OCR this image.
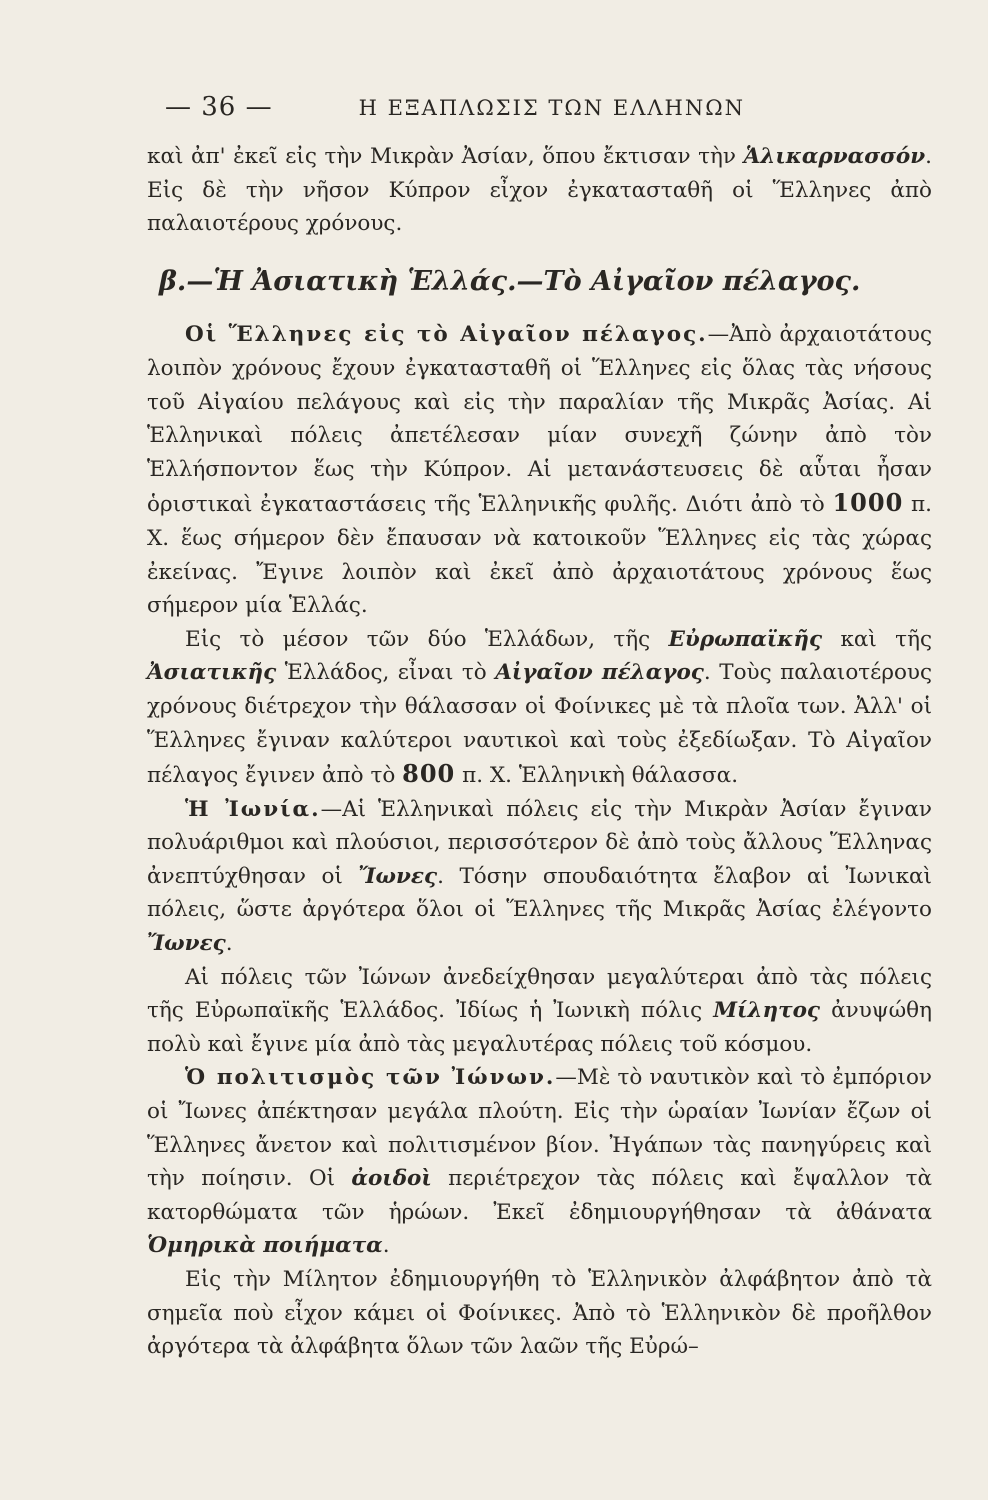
— 36 —	Η ΕΞΑΠΛΩΣΙΣ ΤΩΝ ΕΛΛΗΝΩΝ

καὶ ἀπ' ἐκεῖ εἰς τὴν Μικρὰν Ἀσίαν, ὅπου ἔκτισαν τὴν Ἁλικαρνασσόν. Εἰς δὲ τὴν νῆσον Κύπρον εἶχον ἐγκατασταθῆ οἱ Ἕλληνες ἀπὸ παλαιοτέρους χρόνους.

β.—Ἡ Ἀσιατικὴ Ἑλλάς.—Τὸ Αἰγαῖον πέλαγος.

Οἱ Ἕλληνες εἰς τὸ Αἰγαῖον πέλαγος.—Ἀπὸ ἀρχαιοτάτους λοιπὸν χρόνους ἔχουν ἐγκατασταθῆ οἱ Ἕλληνες εἰς ὅλας τὰς νήσους τοῦ Αἰγαίου πελάγους καὶ εἰς τὴν παραλίαν τῆς Μικρᾶς Ἀσίας. Αἱ Ἑλληνικαὶ πόλεις ἀπετέλεσαν μίαν συνεχῆ ζώνην ἀπὸ τὸν Ἑλλήσποντον ἕως τὴν Κύπρον. Αἱ μετανάστευσεις δὲ αὗται ἦσαν ὁριστικαὶ ἐγκαταστάσεις τῆς Ἑλληνικῆς φυλῆς. Διότι ἀπὸ τὸ 1000 π. Χ. ἕως σήμερον δὲν ἔπαυσαν νὰ κατοικοῦν Ἕλληνες εἰς τὰς χώρας ἐκείνας. Ἔγινε λοιπὸν καὶ ἐκεῖ ἀπὸ ἀρχαιοτάτους χρόνους ἕως σήμερον μία Ἑλλάς.

Εἰς τὸ μέσον τῶν δύο Ἑλλάδων, τῆς Εὐρωπαϊκῆς καὶ τῆς Ἀσιατικῆς Ἑλλάδος, εἶναι τὸ Αἰγαῖον πέλαγος. Τοὺς παλαιοτέρους χρόνους διέτρεχον τὴν θάλασσαν οἱ Φοίνικες μὲ τὰ πλοῖα των. Ἀλλ' οἱ Ἕλληνες ἔγιναν καλύτεροι ναυτικοὶ καὶ τοὺς ἐξεδίωξαν. Τὸ Αἰγαῖον πέλαγος ἔγινεν ἀπὸ τὸ 800 π. Χ. Ἑλληνικὴ θάλασσα.

Ἡ Ἰωνία.—Αἱ Ἑλληνικαὶ πόλεις εἰς τὴν Μικρὰν Ἀσίαν ἔγιναν πολυάριθμοι καὶ πλούσιοι, περισσότερον δὲ ἀπὸ τοὺς ἄλλους Ἕλληνας ἀνεπτύχθησαν οἱ Ἴωνες. Τόσην σπουδαιότητα ἔλαβον αἱ Ἰωνικαὶ πόλεις, ὥστε ἀργότερα ὅλοι οἱ Ἕλληνες τῆς Μικρᾶς Ἀσίας ἐλέγοντο Ἴωνες.

Αἱ πόλεις τῶν Ἰώνων ἀνεδείχθησαν μεγαλύτεραι ἀπὸ τὰς πόλεις τῆς Εὐρωπαϊκῆς Ἑλλάδος. Ἰδίως ἡ Ἰωνικὴ πόλις Μίλητος ἀνυψώθη πολὺ καὶ ἔγινε μία ἀπὸ τὰς μεγαλυτέρας πόλεις τοῦ κόσμου.

Ὁ πολιτισμὸς τῶν Ἰώνων.—Μὲ τὸ ναυτικὸν καὶ τὸ ἐμπόριον οἱ Ἴωνες ἀπέκτησαν μεγάλα πλούτη. Εἰς τὴν ὡραίαν Ἰωνίαν ἔζων οἱ Ἕλληνες ἄνετον καὶ πολιτισμένον βίον. Ἠγάπων τὰς πανηγύρεις καὶ τὴν ποίησιν. Οἱ ἀοιδοὶ περιέτρεχον τὰς πόλεις καὶ ἔψαλλον τὰ κατορθώματα τῶν ἡρώων. Ἐκεῖ ἐδημιουργήθησαν τὰ ἀθάνατα Ὁμηρικὰ ποιήματα.

Εἰς τὴν Μίλητον ἐδημιουργήθη τὸ Ἑλληνικὸν ἀλφάβητον ἀπὸ τὰ σημεῖα ποὺ εἶχον κάμει οἱ Φοίνικες. Ἀπὸ τὸ Ἑλληνικὸν δὲ προῆλθον ἀργότερα τὰ ἀλφάβητα ὅλων τῶν λαῶν τῆς Εὐρώ–
